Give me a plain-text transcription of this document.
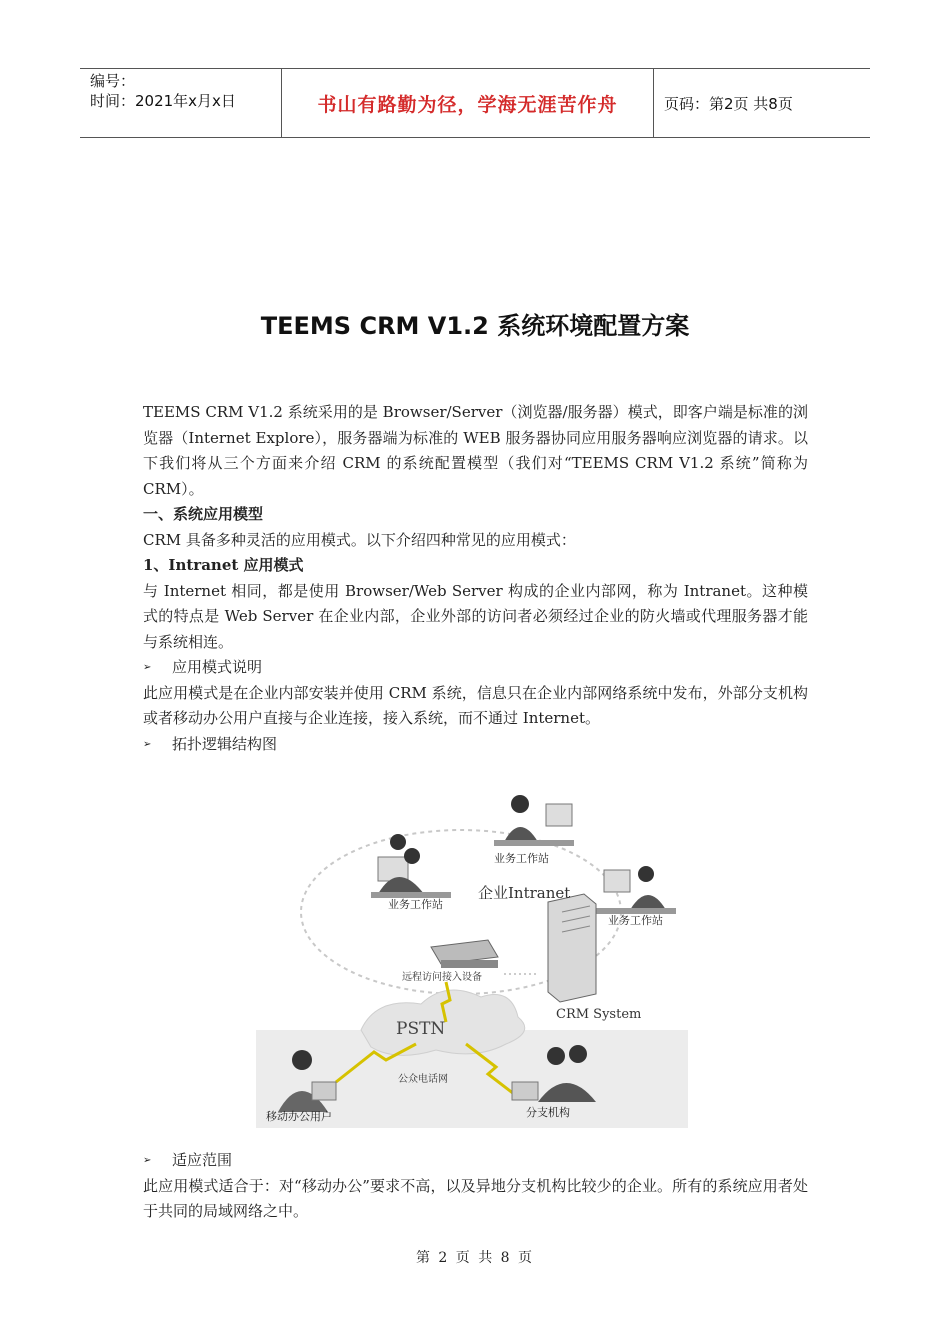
编号：
时间：2021年x月x日	书山有路勤为径，学海无涯苦作舟	页码：第2页 共8页
TEEMS CRM V1.2 系统环境配置方案

TEEMS CRM V1.2 系统采用的是 Browser/Server（浏览器/服务器）模式，即客户端是标准的浏览器（Internet Explore），服务器端为标准的 WEB 服务器协同应用服务器响应浏览器的请求。以下我们将从三个方面来介绍 CRM 的系统配置模型（我们对“TEEMS CRM V1.2 系统”简称为 CRM）。

一、系统应用模型

CRM 具备多种灵活的应用模式。以下介绍四种常见的应用模式：

1、Intranet 应用模式

与 Internet 相同，都是使用 Browser/Web Server 构成的企业内部网，称为 Intranet。这种模式的特点是 Web Server 在企业内部，企业外部的访问者必须经过企业的防火墙或代理服务器才能与系统相连。

➢ 应用模式说明

此应用模式是在企业内部安装并使用 CRM 系统，信息只在企业内部网络系统中发布，外部分支机构或者移动办公用户直接与企业连接，接入系统，而不通过 Internet。

➢ 拓扑逻辑结构图

业务工作站
业务工作站
业务工作站
企业Intranet
远程访问接入设备
CRM System
PSTN
公众电话网
移动办公用户	分支机构

➢ 适应范围

此应用模式适合于：对“移动办公”要求不高，以及异地分支机构比较少的企业。所有的系统应用者处于共同的局域网络之中。

第 2 页 共 8 页
